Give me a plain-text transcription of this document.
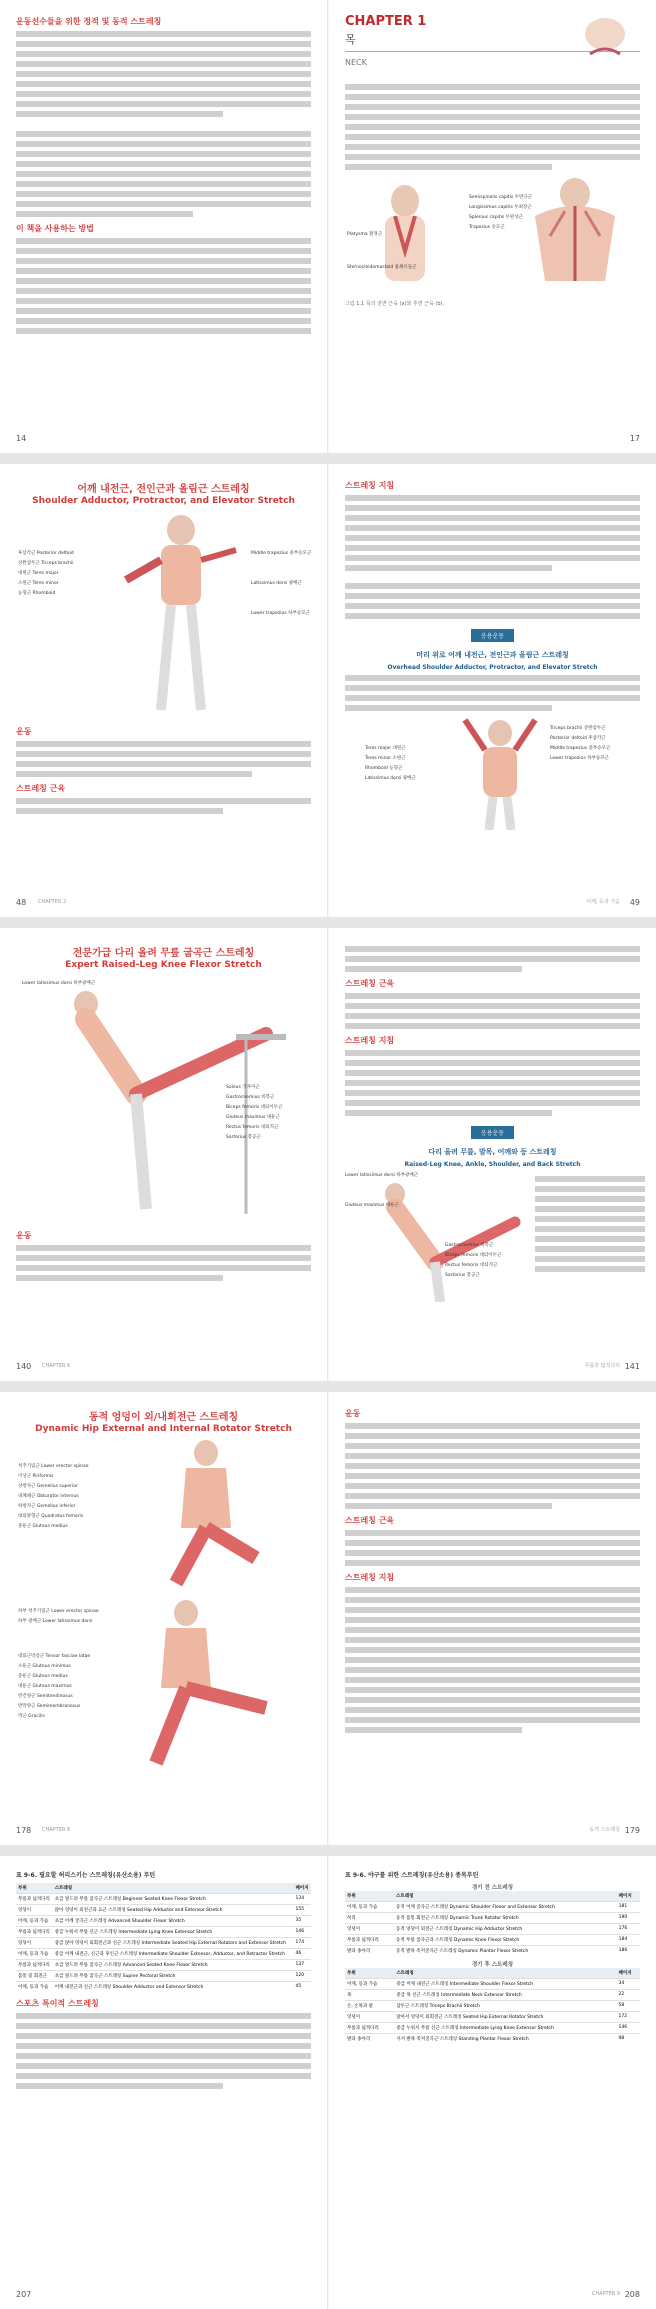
운동선수들을 위한 정적 및 동적 스트레칭
이 책을 사용하는 방법
14
CHAPTER 1
목
NECK
Platysma 활경근
Sternocleidomastoid 흉쇄유돌근
Semispinalis capitis 두반극근
Longissimus capitis 두최장근
Splenius capitis 두판상근
Trapezius 승모근
그림 1.1 목의 전면 근육 (a)와 후면 근육 (b).
17
어깨 내전근, 전인근과 올림근 스트레칭
Shoulder Adductor, Protractor, and Elevator Stretch
후삼각근 Posterior deltoid
상완삼두근 Triceps brachii
대원근 Teres major
소원근 Teres minor
능형근 Rhomboid
Middle trapezius 중부승모근
Latissimus dorsi 광배근
Lower trapezius 하부승모근
운동
스트레칭 근육
48 CHAPTER 2
스트레칭 지침
응용운동
머리 위로 어깨 내전근, 전인근과 올림근 스트레칭
Overhead Shoulder Adductor, Protractor, and Elevator Stretch
Teres major 대원근
Teres minor 소원근
Rhomboid 능형근
Latissimus dorsi 광배근
Triceps brachii 상완삼두근
Posterior deltoid 후삼각근
Middle trapezius 중부승모근
Lower trapezius 하부승모근
49
어깨, 등과 가슴
전문가급 다리 올려 무릎 굽곡근 스트레칭
Expert Raised-Leg Knee Flexor Stretch
Lower latissimus dorsi 하부광배근
Soleus 가자미근
Gastrocnemius 비복근
Biceps femoris 대퇴이두근
Gluteus maximus 대둔근
Rectus femoris 대퇴직근
Sartorius 봉공근
운동
140 CHAPTER 6
스트레칭 근육
스트레칭 지침
응용운동
다리 올려 무릎, 발목, 어깨와 등 스트레칭
Raised-Leg Knee, Ankle, Shoulder, and Back Stretch
Lower latissimus dorsi 하부광배근
Gluteus maximus 대둔근
Gastrocnemius 비복근
Biceps femoris 대퇴이두근
Rectus femoris 대퇴직근
Sartorius 봉공근
141
무릎과 넓적다리
동적 엉덩이 외/내회전근 스트레칭
Dynamic Hip External and Internal Rotator Stretch
척추기립근 Lower erector spinae
이상근 Piriformis
상쌍자근 Gemellus superior
내폐쇄근 Obturator internus
하쌍자근 Gemellus inferior
대퇴방형근 Quadratus femoris
중둔근 Gluteus medius
하부 척추기립근 Lower erector spinae
하부 광배근 Lower latissimus dorsi
대퇴근막장근 Tensor fasciae latae
소둔근 Gluteus minimus
중둔근 Gluteus medius
대둔근 Gluteus maximus
반건양근 Semitendinosus
반막양근 Semimembranosus
박근 Gracilis
178 CHAPTER 8
운동
스트레칭 근육
스트레칭 지침
179
동적 스트레칭
표 9-6. 필요할 허리스키는 스트레칭(유산소용) 루틴
부위	스트레칭	페이지
무릎과 넓적다리	초급 엎드려 무릎 굽곡근 스트레칭 Beginner Seated Knee Flexor Stretch	134
엉덩이	앉아 엉덩이 외전근과 요근 스트레칭 Seated Hip Adductor and Extensor Stretch	155
어깨, 등과 가슴	초급 어깨 굴곡근 스트레칭 Advanced Shoulder Flexor Stretch	35
무릎과 넓적다리	중급 누워서 무릎 신근 스트레칭 Intermediate Lying Knee Extensor Stretch	146
엉덩이	중급 앉아 엉덩이 외회전근과 신근 스트레칭 Intermediate Seated Hip External Rotators and Extensor Stretch	174
어깨, 등과 가슴	중급 어깨 내전근, 신근과 후인근 스트레칭 Intermediate Shoulder Extensor, Adductor, and Retractor Stretch	46
무릎과 넓적다리	초급 엎드려 무릎 굽곡근 스트레칭 Advanced Seated Knee Flexor Stretch	137
몸통 및 회전근	초급 엎드려 무릎 굽곡근 스트레칭 Supine Pectoral Stretch	120
어깨, 등과 가슴	어깨 내전근과 신근 스트레칭 Shoulder Adductor and Extensor Stretch	45
스포츠 특이적 스트레칭
207
표 9-6. 야구를 위한 스트레칭(유산소용) 종목루틴
경기 전 스트레칭
부위	스트레칭	페이지
어깨, 등과 가슴	동적 어깨 굴곡근 스트레칭 Dynamic Shoulder Flexor and Extensor Stretch	181
허리	동적 몸통 회전근 스트레칭 Dynamic Trunk Rotator Stretch	190
엉덩이	동적 엉덩이 외전근 스트레칭 Dynamic Hip Adductor Stretch	176
무릎과 넓적다리	동적 무릎 굽곡근과 스트레칭 Dynamic Knee Flexor Stretch	184
발과 종아리	동적 발목 족저굴곡근 스트레칭 Dynamic Plantar Flexor Stretch	186
경기 후 스트레칭
부위	스트레칭	페이지
어깨, 등과 가슴	중급 어깨 내전근 스트레칭 Intermediate Shoulder Flexor Stretch	34
목	중급 목 신근 스트레칭 Intermediate Neck Extensor Stretch	22
손, 손목과 팔	삼두근 스트레칭 Triceps Brachii Stretch	58
엉덩이	앉아서 엉덩이 외회전근 스트레칭 Seated Hip External Rotator Stretch	172
무릎과 넓적다리	중급 누워서 무릎 신근 스트레칭 Intermediate Lying Knee Extensor Stretch	146
발과 종아리	서서 발목 족저굴곡근 스트레칭 Standing Plantar Flexor Stretch	98
208
CHAPTER 9
